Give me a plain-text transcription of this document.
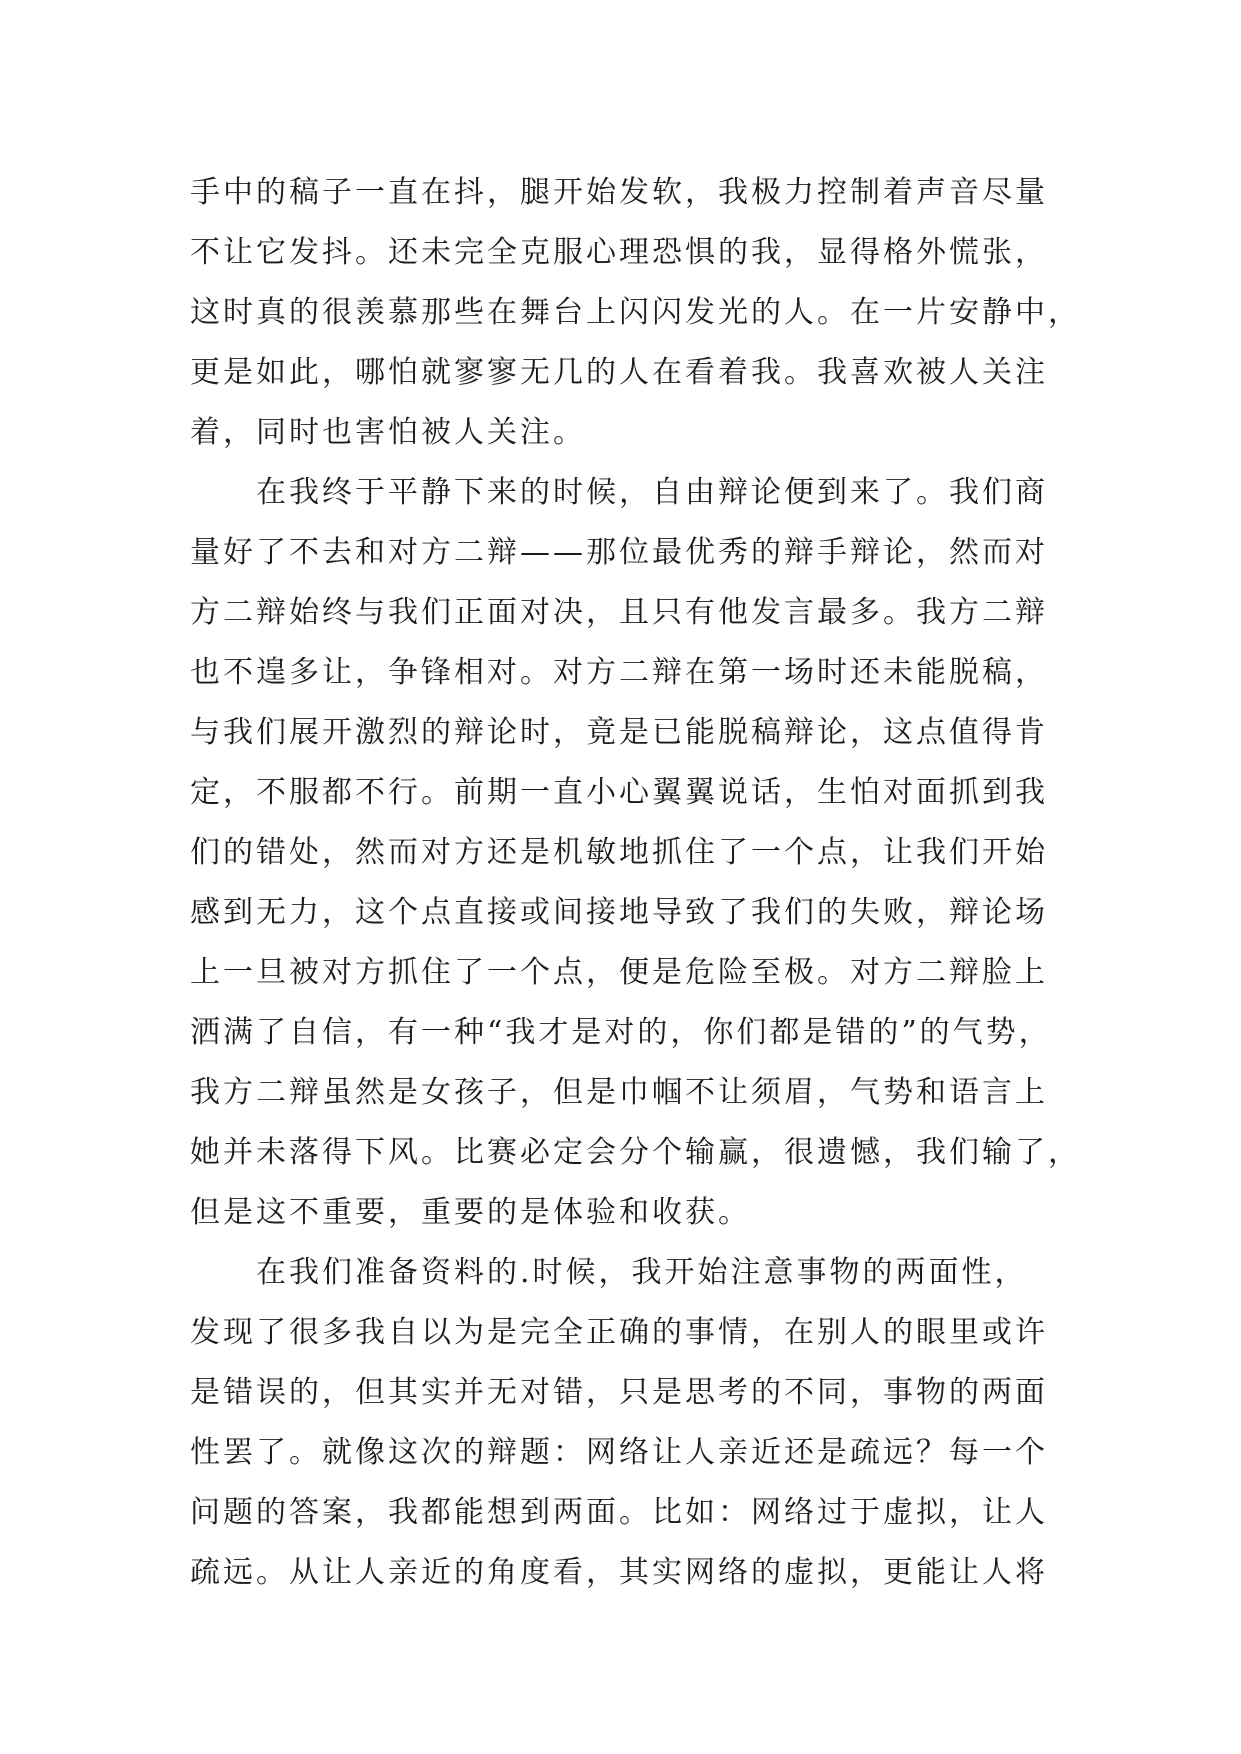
手中的稿子一直在抖，腿开始发软，我极力控制着声音尽量
不让它发抖。还未完全克服心理恐惧的我，显得格外慌张，
这时真的很羡慕那些在舞台上闪闪发光的人。在一片安静中，
更是如此，哪怕就寥寥无几的人在看着我。我喜欢被人关注
着，同时也害怕被人关注。
在我终于平静下来的时候，自由辩论便到来了。我们商
量好了不去和对方二辩——那位最优秀的辩手辩论，然而对
方二辩始终与我们正面对决，且只有他发言最多。我方二辩
也不遑多让，争锋相对。对方二辩在第一场时还未能脱稿，
与我们展开激烈的辩论时，竟是已能脱稿辩论，这点值得肯
定，不服都不行。前期一直小心翼翼说话，生怕对面抓到我
们的错处，然而对方还是机敏地抓住了一个点，让我们开始
感到无力，这个点直接或间接地导致了我们的失败，辩论场
上一旦被对方抓住了一个点，便是危险至极。对方二辩脸上
洒满了自信，有一种“我才是对的，你们都是错的”的气势，
我方二辩虽然是女孩子，但是巾帼不让须眉，气势和语言上
她并未落得下风。比赛必定会分个输赢，很遗憾，我们输了，
但是这不重要，重要的是体验和收获。
在我们准备资料的.时候，我开始注意事物的两面性，
发现了很多我自以为是完全正确的事情，在别人的眼里或许
是错误的，但其实并无对错，只是思考的不同，事物的两面
性罢了。就像这次的辩题：网络让人亲近还是疏远？每一个
问题的答案，我都能想到两面。比如：网络过于虚拟，让人
疏远。从让人亲近的角度看，其实网络的虚拟，更能让人将
